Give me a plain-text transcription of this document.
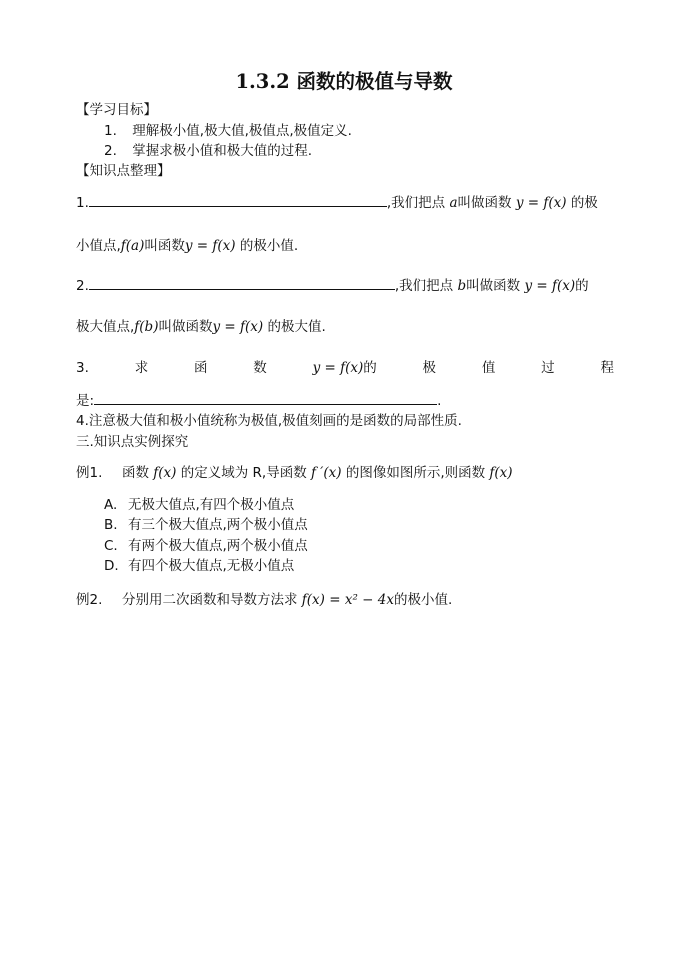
1.3.2 函数的极值与导数
【学习目标】
1. 理解极小值,极大值,极值点,极值定义.
2. 掌握求极小值和极大值的过程.
【知识点整理】
1.	,我们把点 a叫做函数 y = f(x) 的极
小值点,f(a)叫函数y = f(x) 的极小值.
2.	,我们把点 b叫做函数 y = f(x)的
极大值点,f(b)叫做函数y = f(x) 的极大值.
3.	求	函	数	y = f(x)的	极	值	过	程
是:	.
4.注意极大值和极小值统称为极值,极值刻画的是函数的局部性质.
三.知识点实例探究
例1. 函数 f(x) 的定义域为 R,导函数 f ′(x) 的图像如图所示,则函数 f(x)
A. 无极大值点,有四个极小值点
B. 有三个极大值点,两个极小值点
C. 有两个极大值点,两个极小值点
D. 有四个极大值点,无极小值点
例2. 分别用二次函数和导数方法求 f(x) = x² − 4x的极小值.
